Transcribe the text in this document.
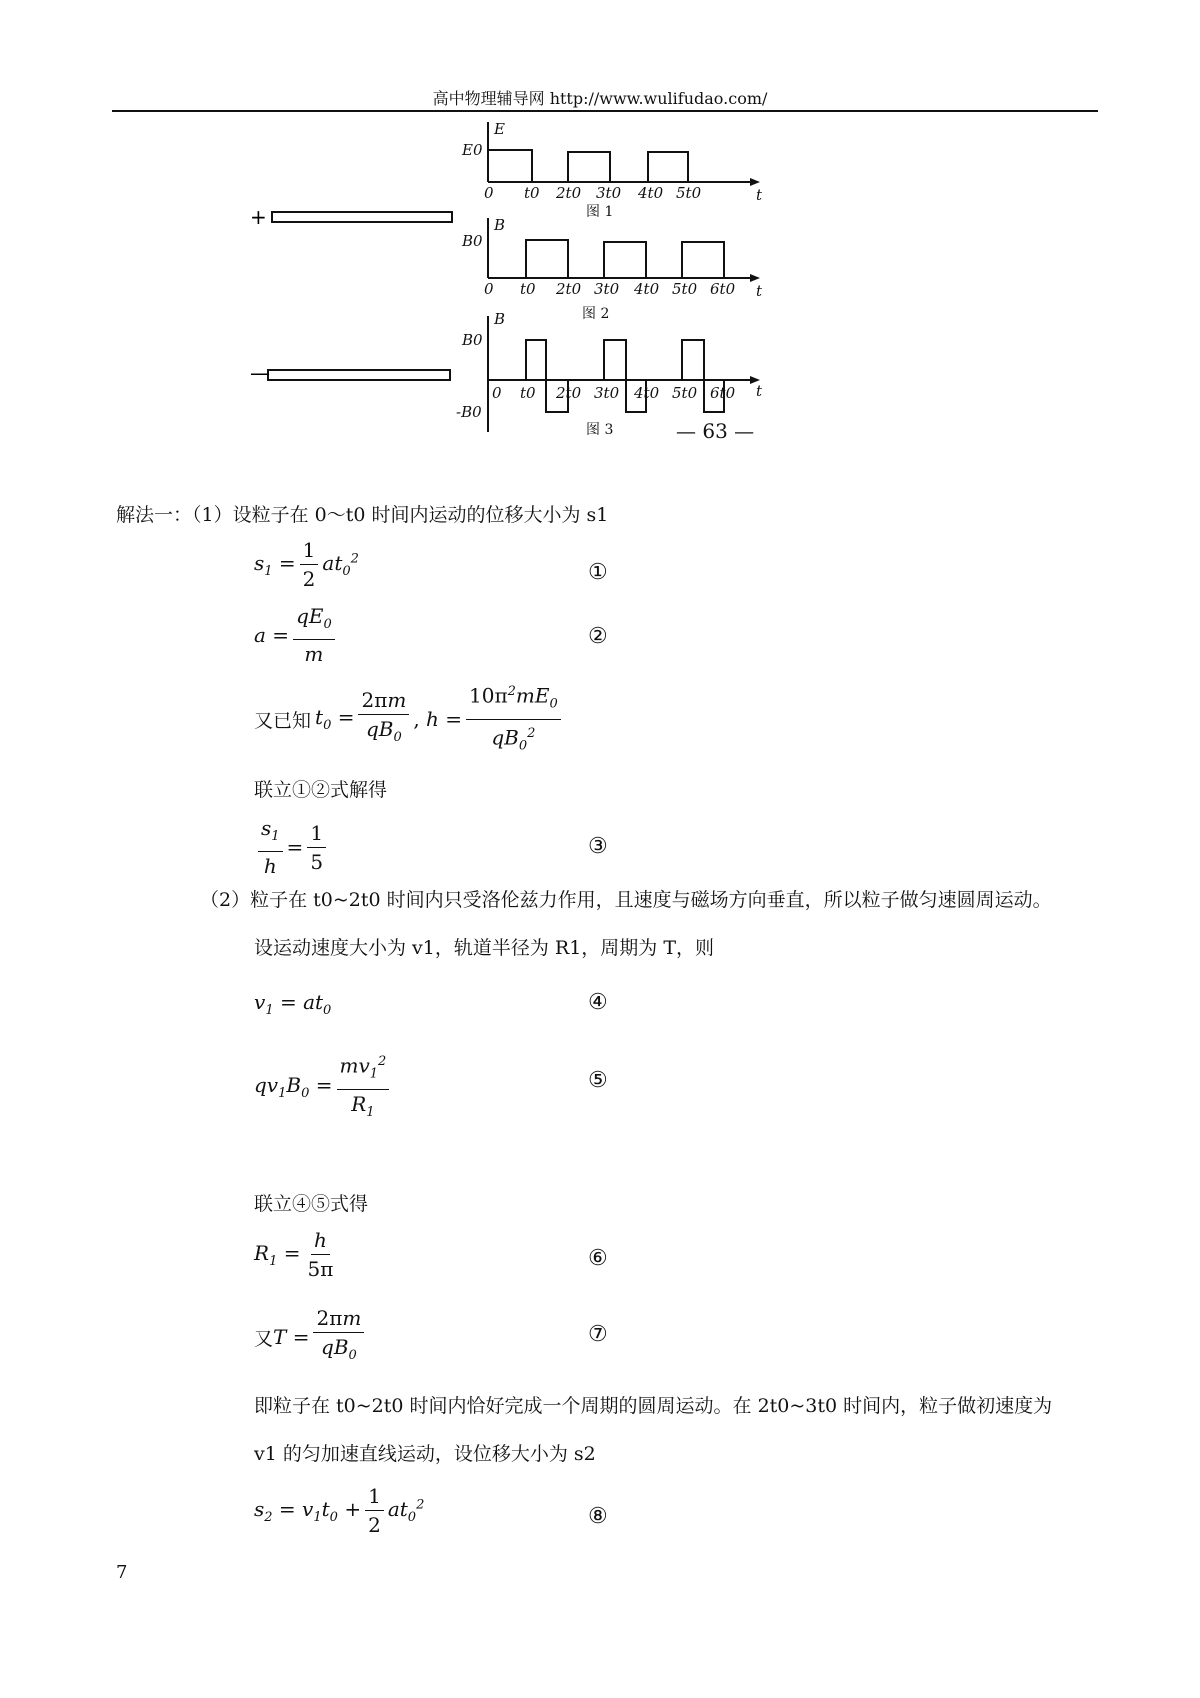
高中物理辅导网 http://www.wulifudao.com/
+
—
E
E0
0 t0 2t0 3t0 4t0 5t0	t
图 1
B
B0
0 t0 2t0 3t0 4t0 5t0 6t0 t
图 2
B
B0
-B0
0 t0 2t0 3t0 4t0 5t0 6t0 t
图 3	— 63 —
解法一：（1）设粒子在 0～t0 时间内运动的位移大小为 s1
$s_1 = \frac{1}{2} at_0^2$
①
$a = \frac{qE_0}{m}$	②
又已知 $t_0 = \frac{2\pi m}{qB_0}$ , $h = \frac{10\pi^2mE_0}{qB_0^2}$
联立①②式解得
$\frac{s_1}{h} = \frac{1}{5}$	③
（2）粒子在 t0~2t0 时间内只受洛伦兹力作用，且速度与磁场方向垂直，所以粒子做匀速圆周运动。
设运动速度大小为 v1，轨道半径为 R1，周期为 T，则
$v_1 = at_0$	④
$qv_1B_0 = \frac{mv_1^2}{R_1}$	⑤
联立④⑤式得
$R_1 = \frac{h}{5\pi}$	⑥
又 $T = \frac{2\pi m}{qB_0}$	⑦
即粒子在 t0~2t0 时间内恰好完成一个周期的圆周运动。在 2t0~3t0 时间内，粒子做初速度为
v1 的匀加速直线运动，设位移大小为 s2
$s_2 = v_1t_0 + \frac{1}{2} at_0^2$	⑧
7
